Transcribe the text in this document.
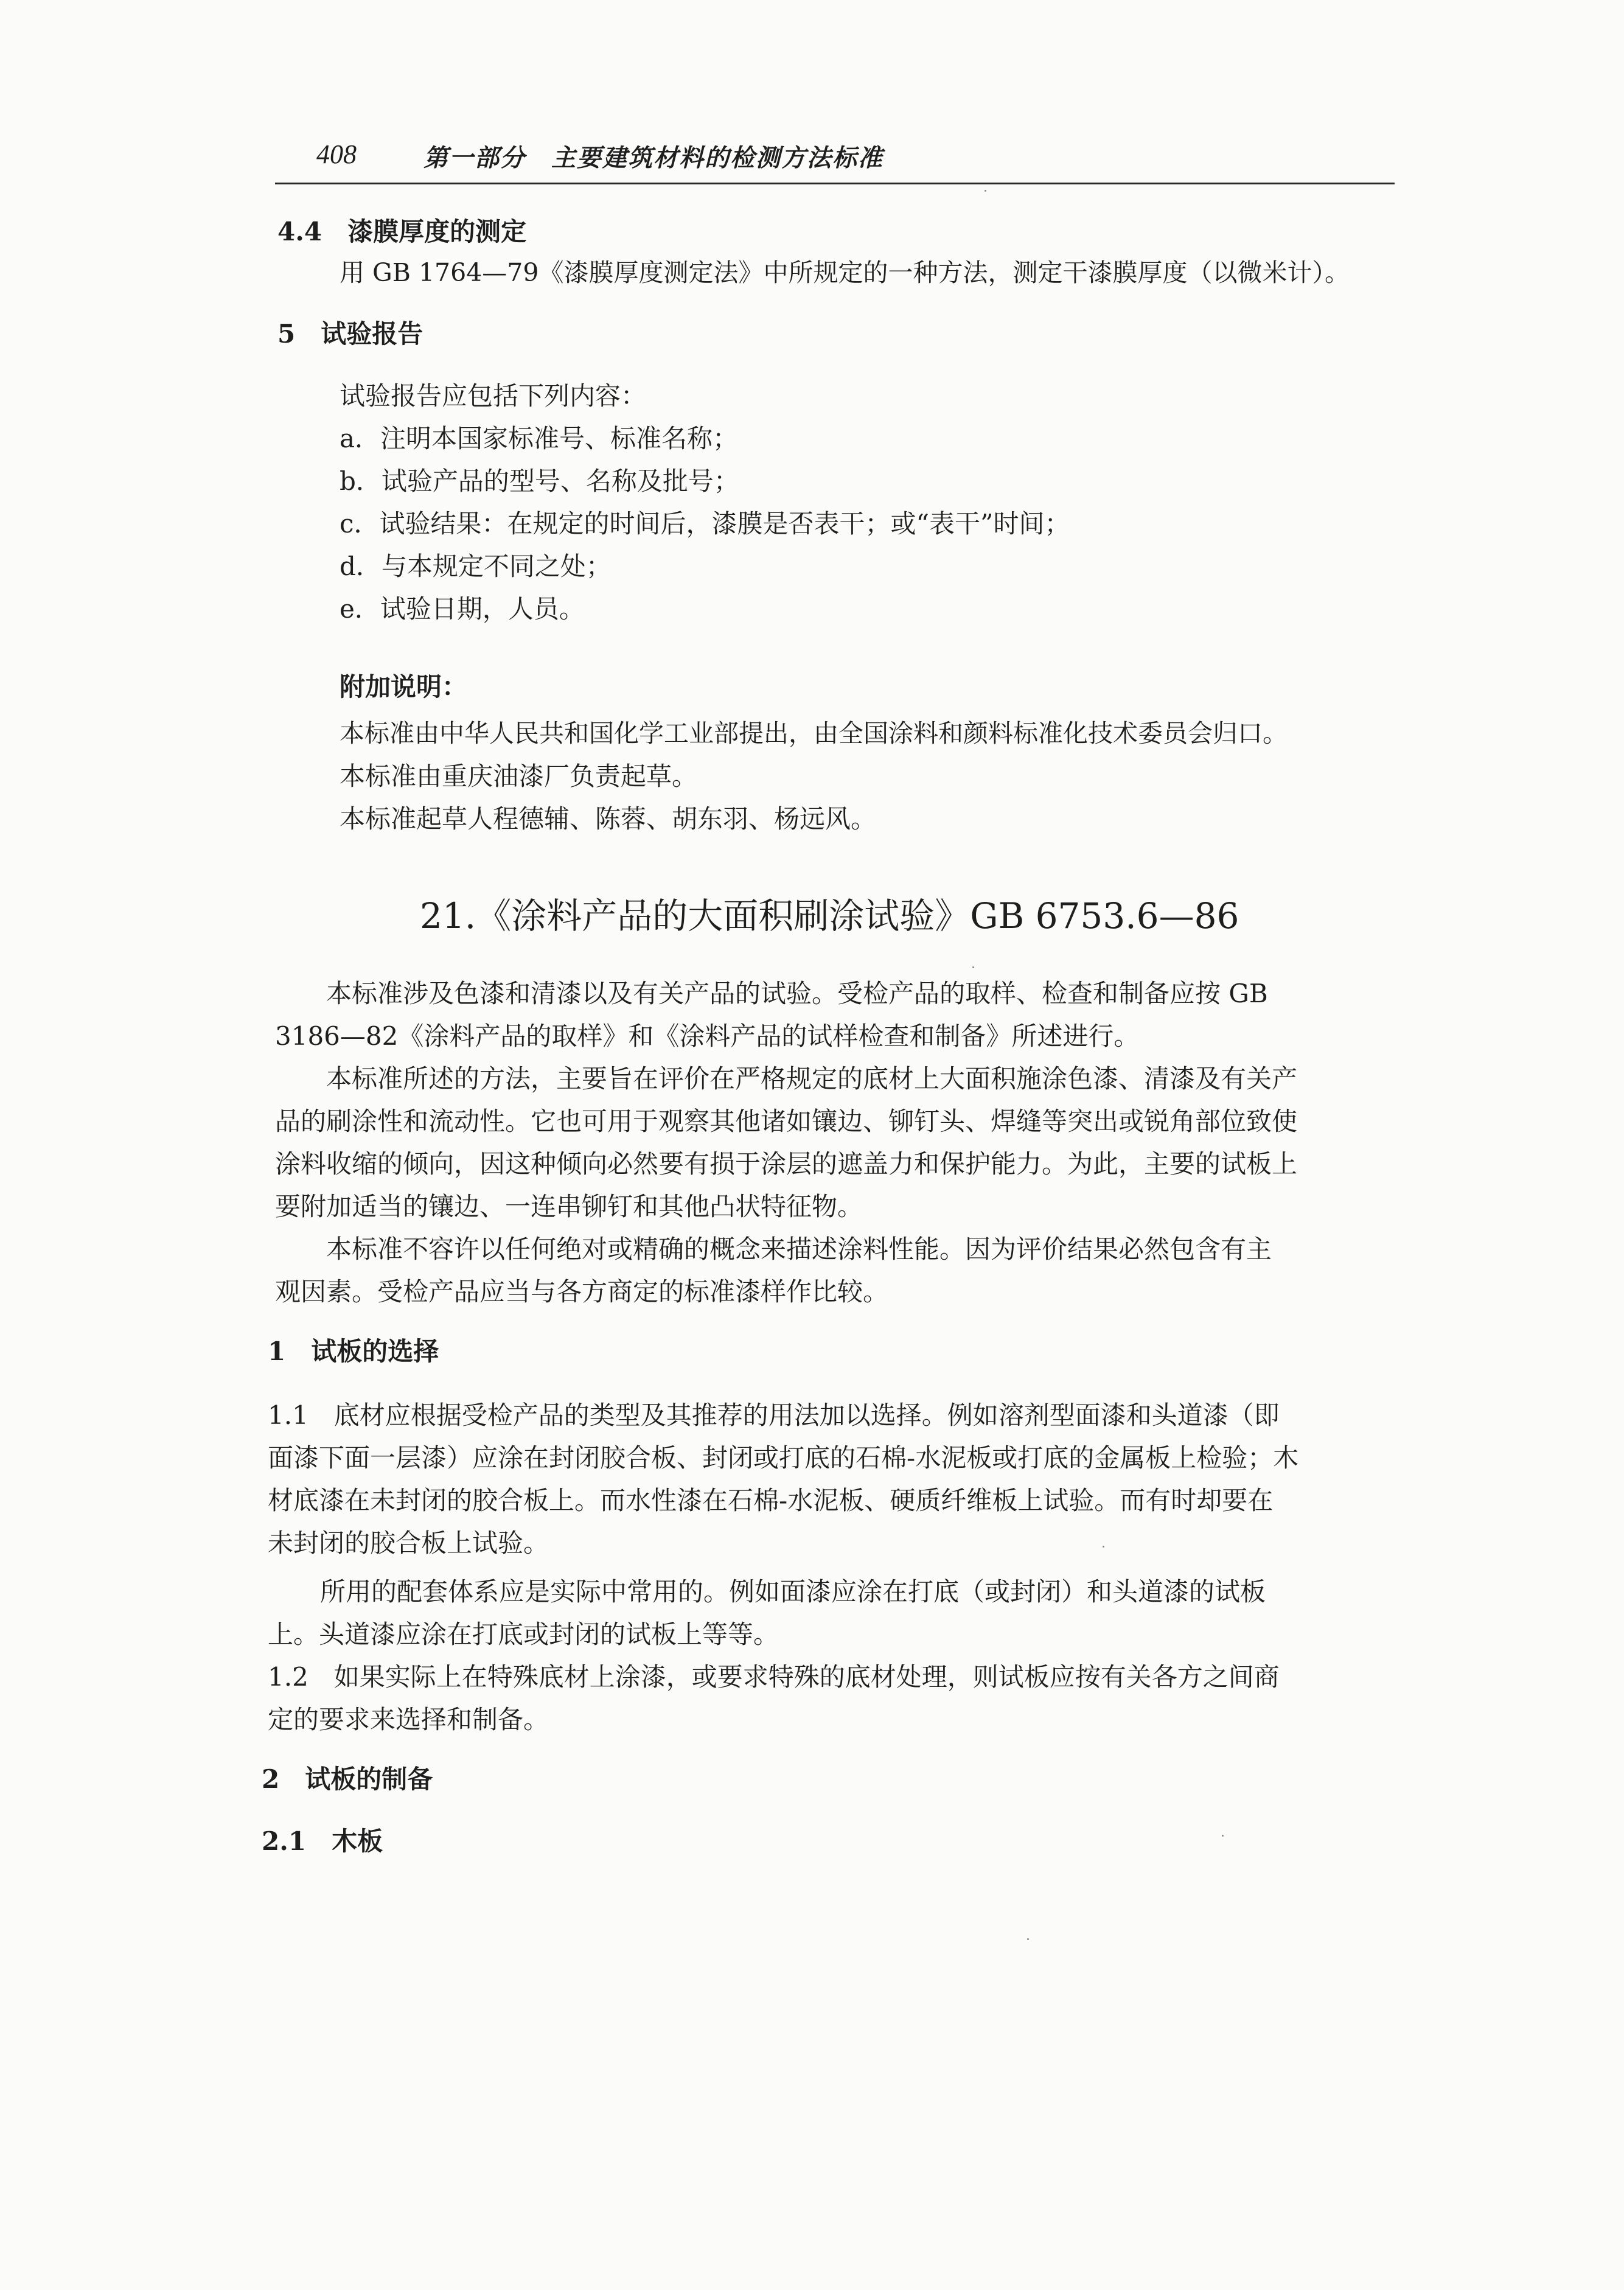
408	第一部分　主要建筑材料的检测方法标准
4.4　漆膜厚度的测定
用 GB 1764—79《漆膜厚度测定法》中所规定的一种方法，测定干漆膜厚度（以微米计）。
5　试验报告
试验报告应包括下列内容：
a．注明本国家标准号、标准名称；
b．试验产品的型号、名称及批号；
c．试验结果：在规定的时间后，漆膜是否表干；或“表干”时间；
d．与本规定不同之处；
e．试验日期，人员。
附加说明：
本标准由中华人民共和国化学工业部提出，由全国涂料和颜料标准化技术委员会归口。
本标准由重庆油漆厂负责起草。
本标准起草人程德辅、陈蓉、胡东羽、杨远风。
21.《涂料产品的大面积刷涂试验》GB 6753.6—86
本标准涉及色漆和清漆以及有关产品的试验。受检产品的取样、检查和制备应按 GB
3186—82《涂料产品的取样》和《涂料产品的试样检查和制备》所述进行。
本标准所述的方法，主要旨在评价在严格规定的底材上大面积施涂色漆、清漆及有关产
品的刷涂性和流动性。它也可用于观察其他诸如镶边、铆钉头、焊缝等突出或锐角部位致使
涂料收缩的倾向，因这种倾向必然要有损于涂层的遮盖力和保护能力。为此，主要的试板上
要附加适当的镶边、一连串铆钉和其他凸状特征物。
本标准不容许以任何绝对或精确的概念来描述涂料性能。因为评价结果必然包含有主
观因素。受检产品应当与各方商定的标准漆样作比较。
1　试板的选择
1.1　底材应根据受检产品的类型及其推荐的用法加以选择。例如溶剂型面漆和头道漆（即
面漆下面一层漆）应涂在封闭胶合板、封闭或打底的石棉-水泥板或打底的金属板上检验；木
材底漆在未封闭的胶合板上。而水性漆在石棉-水泥板、硬质纤维板上试验。而有时却要在
未封闭的胶合板上试验。
所用的配套体系应是实际中常用的。例如面漆应涂在打底（或封闭）和头道漆的试板
上。头道漆应涂在打底或封闭的试板上等等。
1.2　如果实际上在特殊底材上涂漆，或要求特殊的底材处理，则试板应按有关各方之间商
定的要求来选择和制备。
2　试板的制备
2.1　木板
